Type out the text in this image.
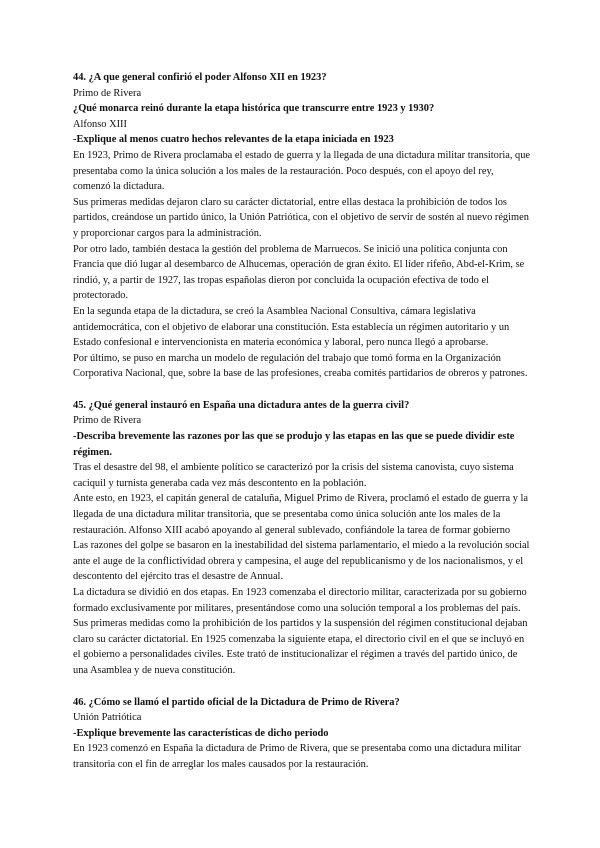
44. ¿A que general confirió el poder Alfonso XII en 1923?
Primo de Rivera
¿Qué monarca reinó durante la etapa histórica que transcurre entre 1923 y 1930?
Alfonso XIII
-Explique al menos cuatro hechos relevantes de la etapa iniciada en 1923
En 1923, Primo de Rivera proclamaba el estado de guerra y la llegada de una dictadura militar transitoria, que presentaba como la única solución a los males de la restauración. Poco después, con el apoyo del rey, comenzó la dictadura.
Sus primeras medidas dejaron claro su carácter dictatorial, entre ellas destaca la prohibición de todos los partidos, creándose un partido único, la Unión Patriótica, con el objetivo de servir de sostén al nuevo régimen y proporcionar cargos para la administración.
Por otro lado, también destaca la gestión del problema de Marruecos. Se inició una política conjunta con Francia que dió lugar al desembarco de Alhucemas, operación de gran éxito. El líder rifeño, Abd-el-Krim, se rindió, y, a partir de 1927, las tropas españolas dieron por concluida la ocupación efectiva de todo el protectorado.
En la segunda etapa de la dictadura, se creó la Asamblea Nacional Consultiva, cámara legislativa antidemocrática, con el objetivo de elaborar una constitución. Esta establecía un régimen autoritario y un Estado confesional e intervencionista en materia económica y laboral, pero nunca llegó a aprobarse.
Por último, se puso en marcha un modelo de regulación del trabajo que tomó forma en la Organización Corporativa Nacional, que, sobre la base de las profesiones, creaba comités partidarios de obreros y patrones.
45. ¿Qué general instauró en España una dictadura antes de la guerra civil?
Primo de Rivera
-Describa brevemente las razones por las que se produjo y las etapas en las que se puede dividir este régimen.
Tras el desastre del 98, el ambiente político se caracterizó por la crisis del sistema canovista, cuyo sistema caciquil y turnista generaba cada vez más descontento en la población.
Ante esto, en 1923, el capitán general de cataluña, Miguel Primo de Rivera, proclamó el estado de guerra y la llegada de una dictadura militar transitoria, que se presentaba como única solución ante los males de la restauración. Alfonso XIII acabó apoyando al general sublevado, confiándole la tarea de formar gobierno
Las razones del golpe se basaron en la inestabilidad del sistema parlamentario, el miedo a la revolución social ante el auge de la conflictividad obrera y campesina, el auge del republicanismo y de los nacionalismos, y el descontento del ejército tras el desastre de Annual.
La dictadura se dividió en dos etapas. En 1923 comenzaba el directorio militar, caracterizada por su gobierno formado exclusivamente por militares, presentándose como una solución temporal a los problemas del país. Sus primeras medidas como la prohibición de los partidos y la suspensión del régimen constitucional dejaban claro su carácter dictatorial. En 1925 comenzaba la siguiente etapa, el directorio civil en el que se incluyó en el gobierno a personalidades civiles. Este trató de institucionalizar el régimen a través del partido único, de una Asamblea y de nueva constitución.
46. ¿Cómo se llamó el partido oficial de la Dictadura de Primo de Rivera?
Unión Patriótica
-Explique brevemente las características de dicho periodo
En 1923 comenzó en España la dictadura de Primo de Rivera, que se presentaba como una dictadura militar transitoria con el fin de arreglar los males causados por la restauración.
